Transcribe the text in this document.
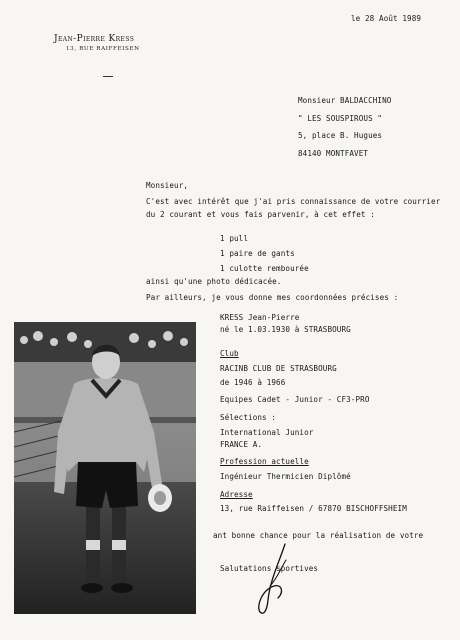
Jean-Pierre Kress
13, RUE RAIFFEISEN
le 28 Août 1989
Monsieur BALDACCHINO
" LES SOUSPIROUS "
5, place B. Hugues
84140 MONTFAVET
Monsieur,
C'est avec intérêt que j'ai pris connaissance de votre courrier
du 2 courant et vous fais parvenir, à cet effet :
1 pull
1 paire de gants
1 culotte rembourée
ainsi qu'une photo dédicacée.
Par ailleurs, je vous donne mes coordonnées précises :
KRESS Jean-Pierre
né le 1.03.1930 à STRASBOURG
Club
RACINB CLUB DE STRASBOURG
de 1946 à 1966
Equipes Cadet - Junior - CF3-PRO
Sélections :
International Junior
FRANCE A.
Profession actuelle
Ingénieur Thermicien Diplômé
Adresse
13, rue Raiffeisen / 67870 BISCHOFFSHEIM
ant bonne chance pour la réalisation de votre
Salutations sportives
